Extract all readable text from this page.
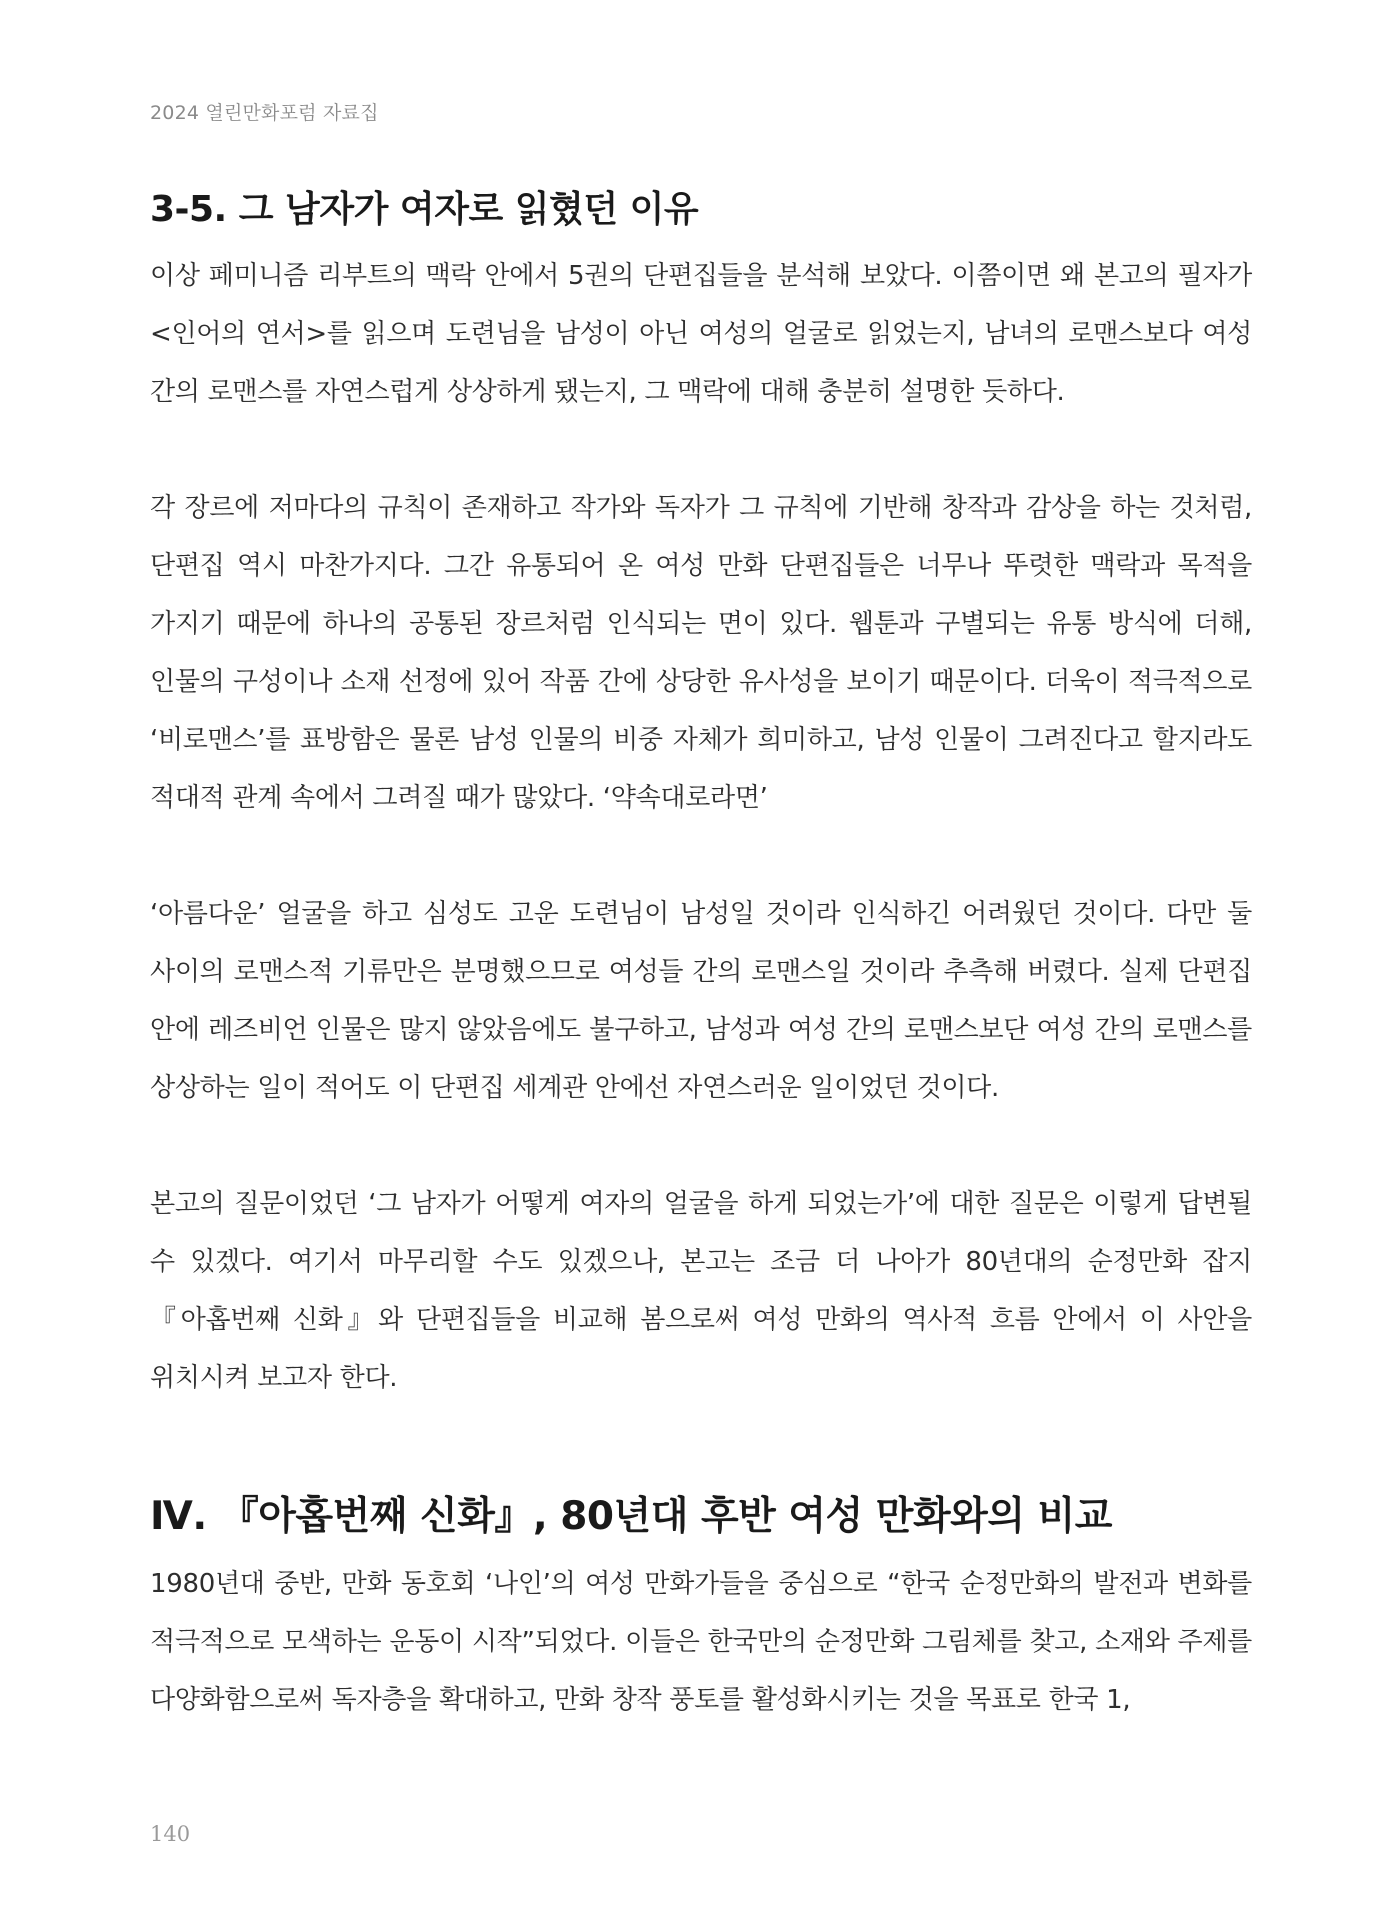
2024 열린만화포럼 자료집
3-5. 그 남자가 여자로 읽혔던 이유

이상 페미니즘 리부트의 맥락 안에서 5권의 단편집들을 분석해 보았다. 이쯤이면 왜 본고의 필자가 <인어의 연서>를 읽으며 도련님을 남성이 아닌 여성의 얼굴로 읽었는지, 남녀의 로맨스보다 여성 간의 로맨스를 자연스럽게 상상하게 됐는지, 그 맥락에 대해 충분히 설명한 듯하다.

각 장르에 저마다의 규칙이 존재하고 작가와 독자가 그 규칙에 기반해 창작과 감상을 하는 것처럼, 단편집 역시 마찬가지다. 그간 유통되어 온 여성 만화 단편집들은 너무나 뚜렷한 맥락과 목적을 가지기 때문에 하나의 공통된 장르처럼 인식되는 면이 있다. 웹툰과 구별되는 유통 방식에 더해, 인물의 구성이나 소재 선정에 있어 작품 간에 상당한 유사성을 보이기 때문이다. 더욱이 적극적으로 ‘비로맨스’를 표방함은 물론 남성 인물의 비중 자체가 희미하고, 남성 인물이 그려진다고 할지라도 적대적 관계 속에서 그려질 때가 많았다. ‘약속대로라면’

‘아름다운’ 얼굴을 하고 심성도 고운 도련님이 남성일 것이라 인식하긴 어려웠던 것이다. 다만 둘 사이의 로맨스적 기류만은 분명했으므로 여성들 간의 로맨스일 것이라 추측해 버렸다. 실제 단편집 안에 레즈비언 인물은 많지 않았음에도 불구하고, 남성과 여성 간의 로맨스보단 여성 간의 로맨스를 상상하는 일이 적어도 이 단편집 세계관 안에선 자연스러운 일이었던 것이다.

본고의 질문이었던 ‘그 남자가 어떻게 여자의 얼굴을 하게 되었는가’에 대한 질문은 이렇게 답변될 수 있겠다. 여기서 마무리할 수도 있겠으나, 본고는 조금 더 나아가 80년대의 순정만화 잡지 『아홉번째 신화』와 단편집들을 비교해 봄으로써 여성 만화의 역사적 흐름 안에서 이 사안을 위치시켜 보고자 한다.

Ⅳ. 『아홉번째 신화』, 80년대 후반 여성 만화와의 비교

1980년대 중반, 만화 동호회 ‘나인’의 여성 만화가들을 중심으로 “한국 순정만화의 발전과 변화를 적극적으로 모색하는 운동이 시작”되었다. 이들은 한국만의 순정만화 그림체를 찾고, 소재와 주제를 다양화함으로써 독자층을 확대하고, 만화 창작 풍토를 활성화시키는 것을 목표로 한국 1,

140
